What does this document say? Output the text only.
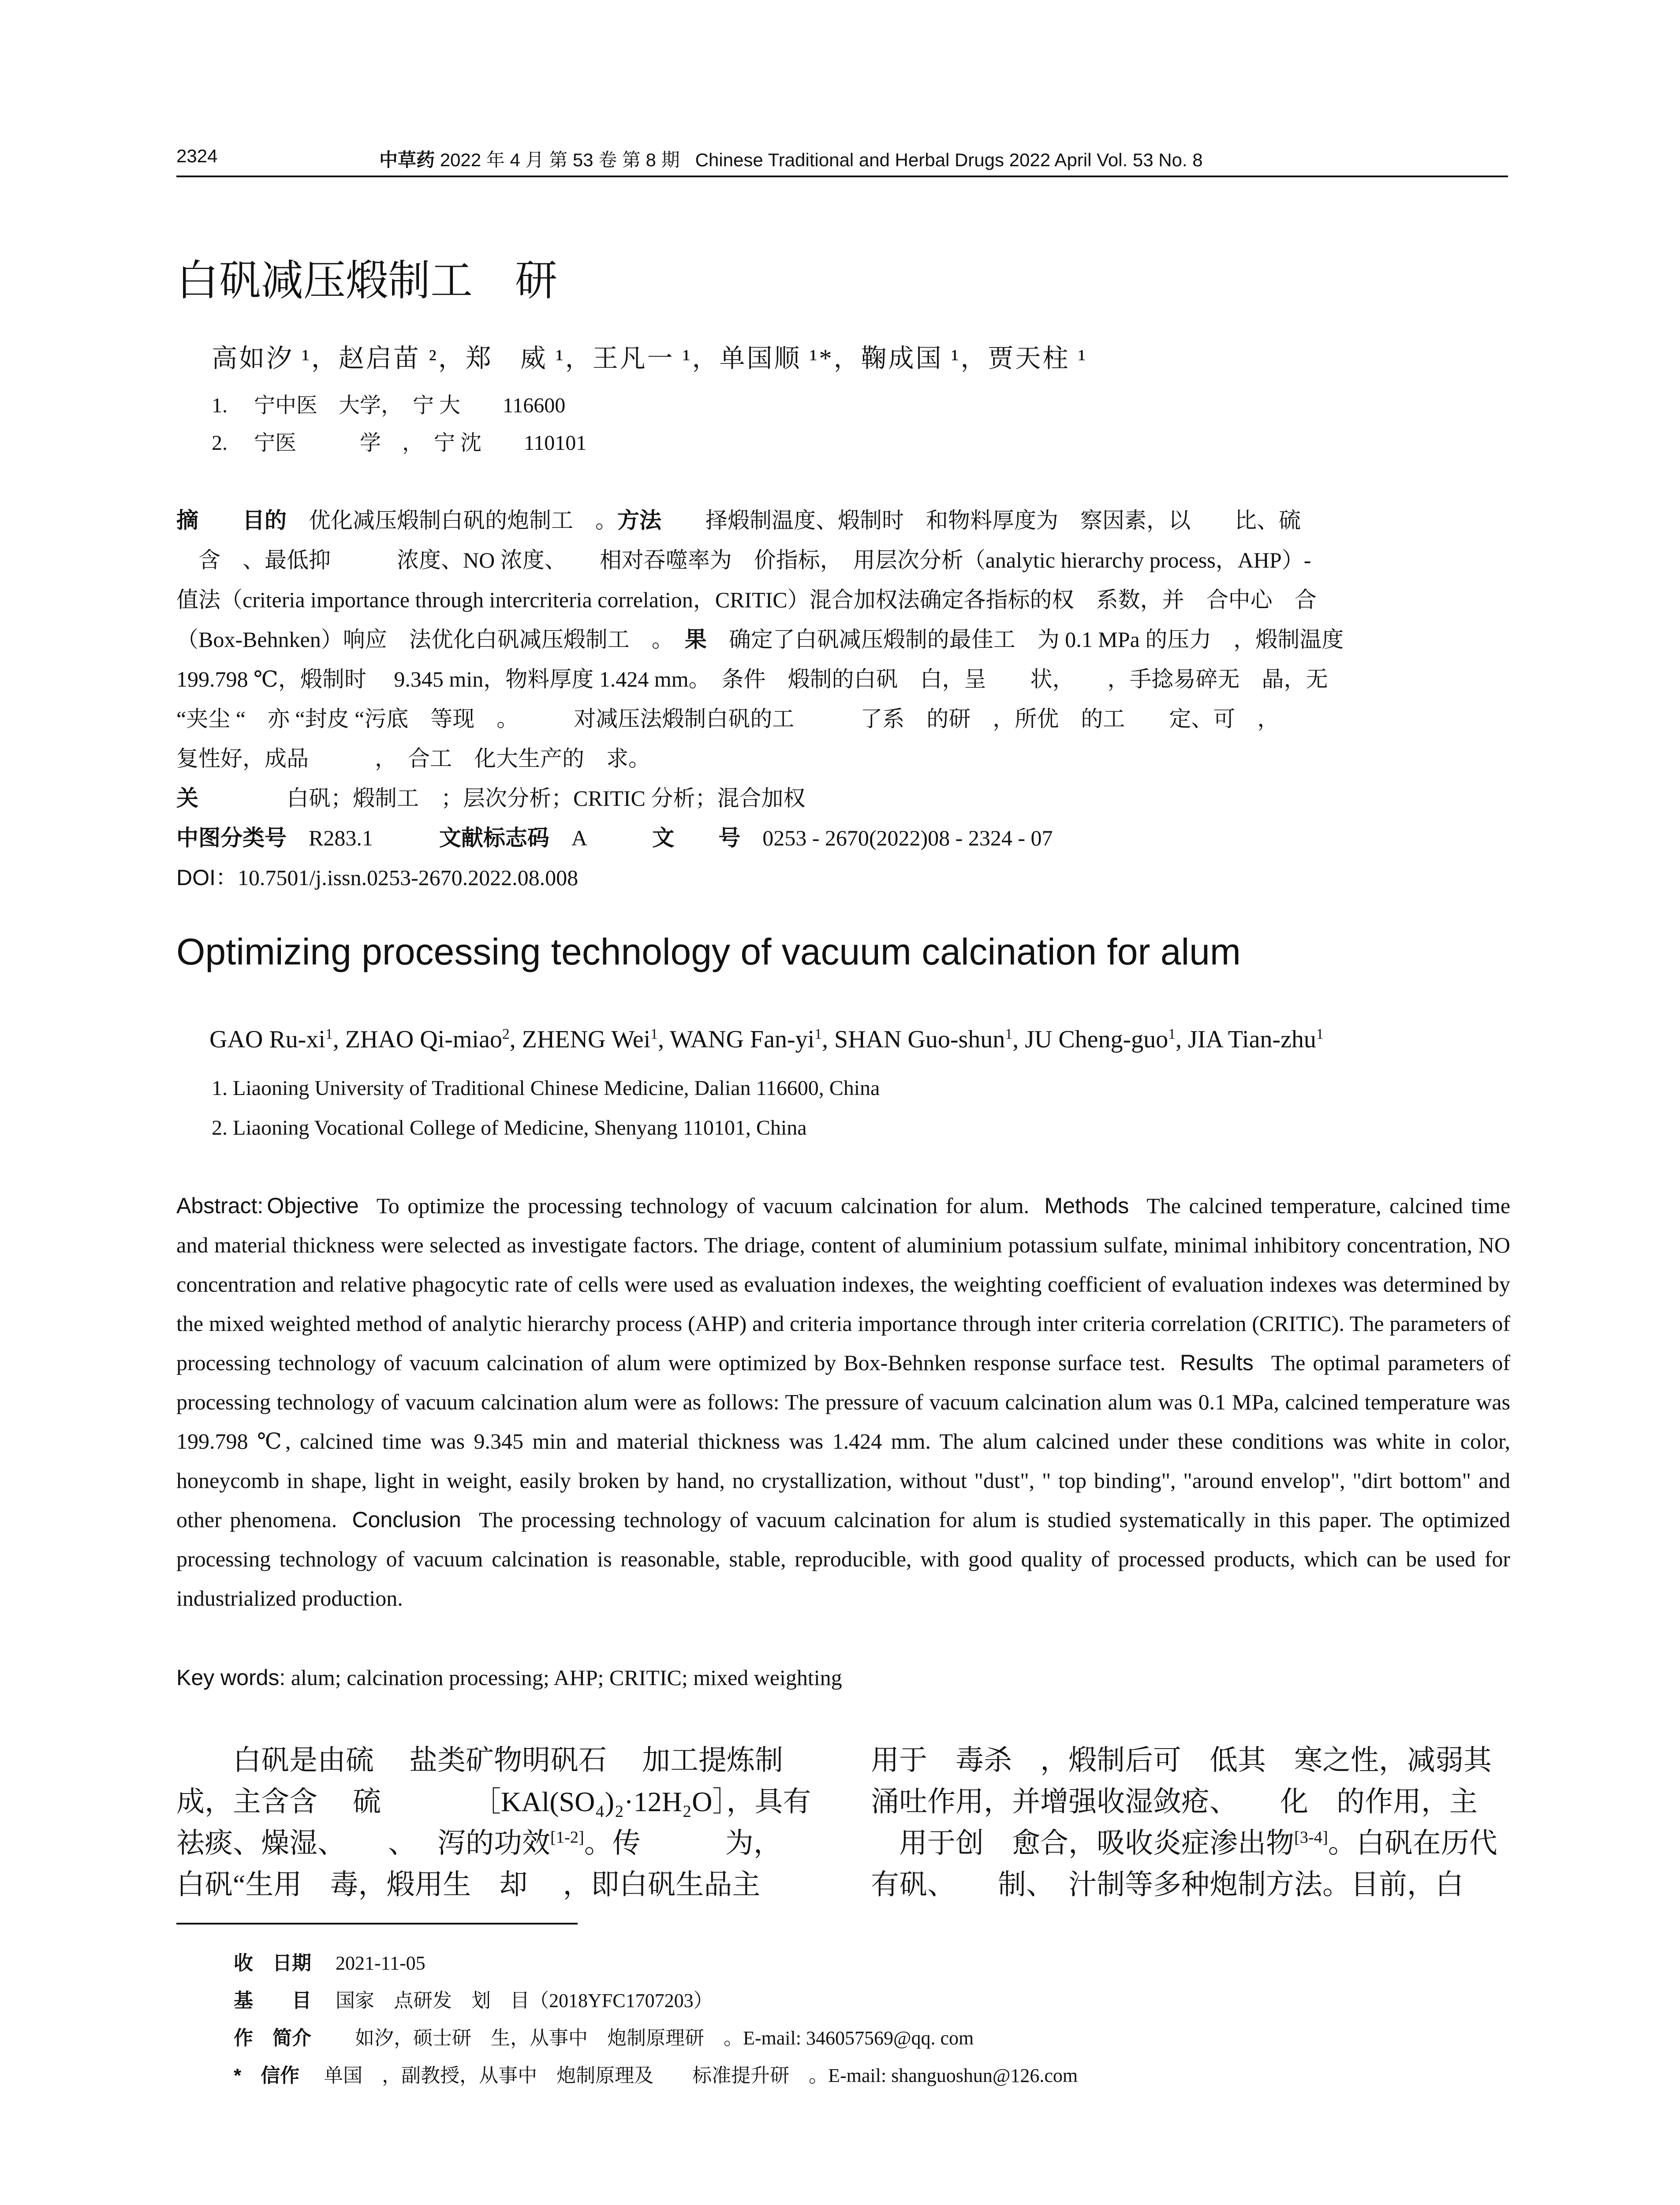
2324	中草药 2022 年 4 月 第 53 卷 第 8 期 Chinese Traditional and Herbal Drugs 2022 April Vol. 53 No. 8
白矾减压煅制工　研
高如汐 ¹，赵启苗 ²，郑　威 ¹，王凡一 ¹，单国顺 ¹*，鞠成国 ¹，贾天柱 ¹
1.　 宁中医　大学，　宁 大　　116600
2.　 宁医　　　学　，　宁 沈　　110101
摘　　目的　优化减压煅制白矾的炮制工　。方法　　择煅制温度、煅制时　和物料厚度为　察因素，以　　比、硫
　含　、最低抑　　　浓度、NO 浓度、　　相对吞噬率为　价指标，　用层次分析（analytic hierarchy process，AHP）-
值法（criteria importance through intercriteria correlation，CRITIC）混合加权法确定各指标的权　系数，并　合中心　合
（Box-Behnken）响应　法优化白矾减压煅制工　。　果　确定了白矾减压煅制的最佳工　为 0.1 MPa 的压力　，煅制温度
199.798 ℃，煅制时　 9.345 min，物料厚度 1.424 mm。　条件　煅制的白矾　白，呈　　状，　　，手捻易碎无　晶，无
“夹尘 “　亦 “封皮 “污底　等现　。　　　对减压法煅制白矾的工　　　了系　的研　，所优　的工　　定、可　，
复性好，成品　　　，　合工　化大生产的　求。
关　　　　白矾；煅制工　；层次分析；CRITIC 分析；混合加权
中图分类号　 R283.1　　　	文献标志码　 A　　　	文　　号　 0253 - 2670(2022)08 - 2324 - 07
DOI：10.7501/j.issn.0253-2670.2022.08.008
Optimizing processing technology of vacuum calcination for alum
GAO $Ru-xi^1$, ZHAO Qi-miao$^2$, ZHENG Wei$^1$, WANG Fan-$yi^1$, SHAN Guo-shun$^1$, JU Cheng-guo$^1$, JIA Tian-zhu$^1$
1. Liaoning University of Traditional Chinese Medicine, Dalian 116600, China
2. Liaoning Vocational College of Medicine, Shenyang 110101, China
Abstract: Objective To optimize the processing technology of vacuum calcination for alum. Methods The calcined temperature, calcined time and material thickness were selected as investigate factors. The driage, content of aluminium potassium sulfate, minimal inhibitory concentration, NO concentration and relative phagocytic rate of cells were used as evaluation indexes, the weighting coefficient of evaluation indexes was determined by the mixed weighted method of analytic hierarchy process (AHP) and criteria importance through inter criteria correlation (CRITIC). The parameters of processing technology of vacuum calcination of alum were optimized by Box-Behnken response surface test. Results The optimal parameters of processing technology of vacuum calcination alum were as follows: The pressure of vacuum calcination alum was 0.1 MPa, calcined temperature was 199.798 ℃, calcined time was 9.345 min and material thickness was 1.424 mm. The alum calcined under these conditions was white in color, honeycomb in shape, light in weight, easily broken by hand, no crystallization, without "dust", " top binding", "around envelop", "dirt bottom" and other phenomena. Conclusion The processing technology of vacuum calcination for alum is studied systematically in this paper. The optimized processing technology of vacuum calcination is reasonable, stable, reproducible, with good quality of processed products, which can be used for industrialized production.
Key words: alum; calcination processing; AHP; CRITIC; mixed weighting
　　白矾是由硫　 盐类矿物明矾石　 加工提炼制
成，主含含　 硫　　　 ［KAl(SO₄)₂·12H₂O］，具有
祛痰、燥湿、　　、　 泻的功效[1-2]。传　　　为，
白矾“生用　毒，煅用生　却　 ，即白矾生品主
用于　毒杀　，煅制后可　低其　寒之性，减弱其
涌吐作用，并增强收湿敛疮、　　化　的作用，主
　用于创　愈合，吸收炎症渗出物[3-4]。白矾在历代
有矾、　　制、　汁制等多种炮制方法。目前，白
收　日期　 2021-11-05
基　　目　 国家　点研发　划　目（2018YFC1707203）
作　简介　 　如汐，硕士研　生，从事中　炮制原理研　。E-mail: 346057569@qq. com
*　信作　 单国　，副教授，从事中　炮制原理及　　标准提升研　。E-mail: shanguoshun@126.com
